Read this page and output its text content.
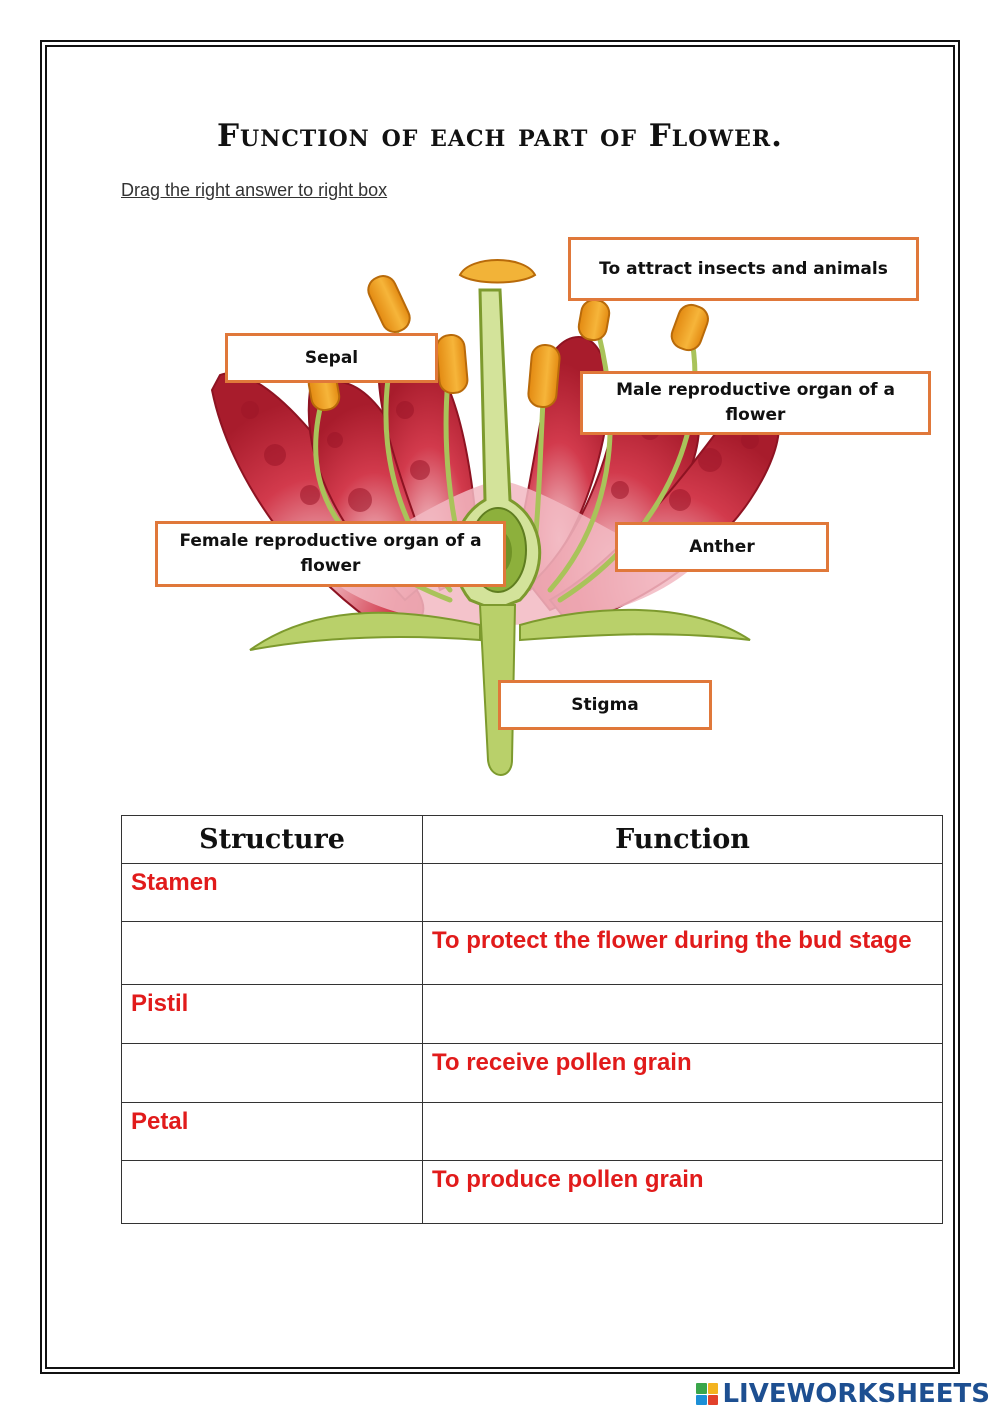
Function of each part of Flower.
Drag the right answer to right box
To attract insects and animals
Sepal
Male reproductive organ of a flower
Female reproductive organ of a flower
Anther
Stigma
Structure	Function
Stamen	
	To protect the flower during the bud stage
Pistil	
	To receive pollen grain
Petal	
	To produce pollen grain
LIVEWORKSHEETS
